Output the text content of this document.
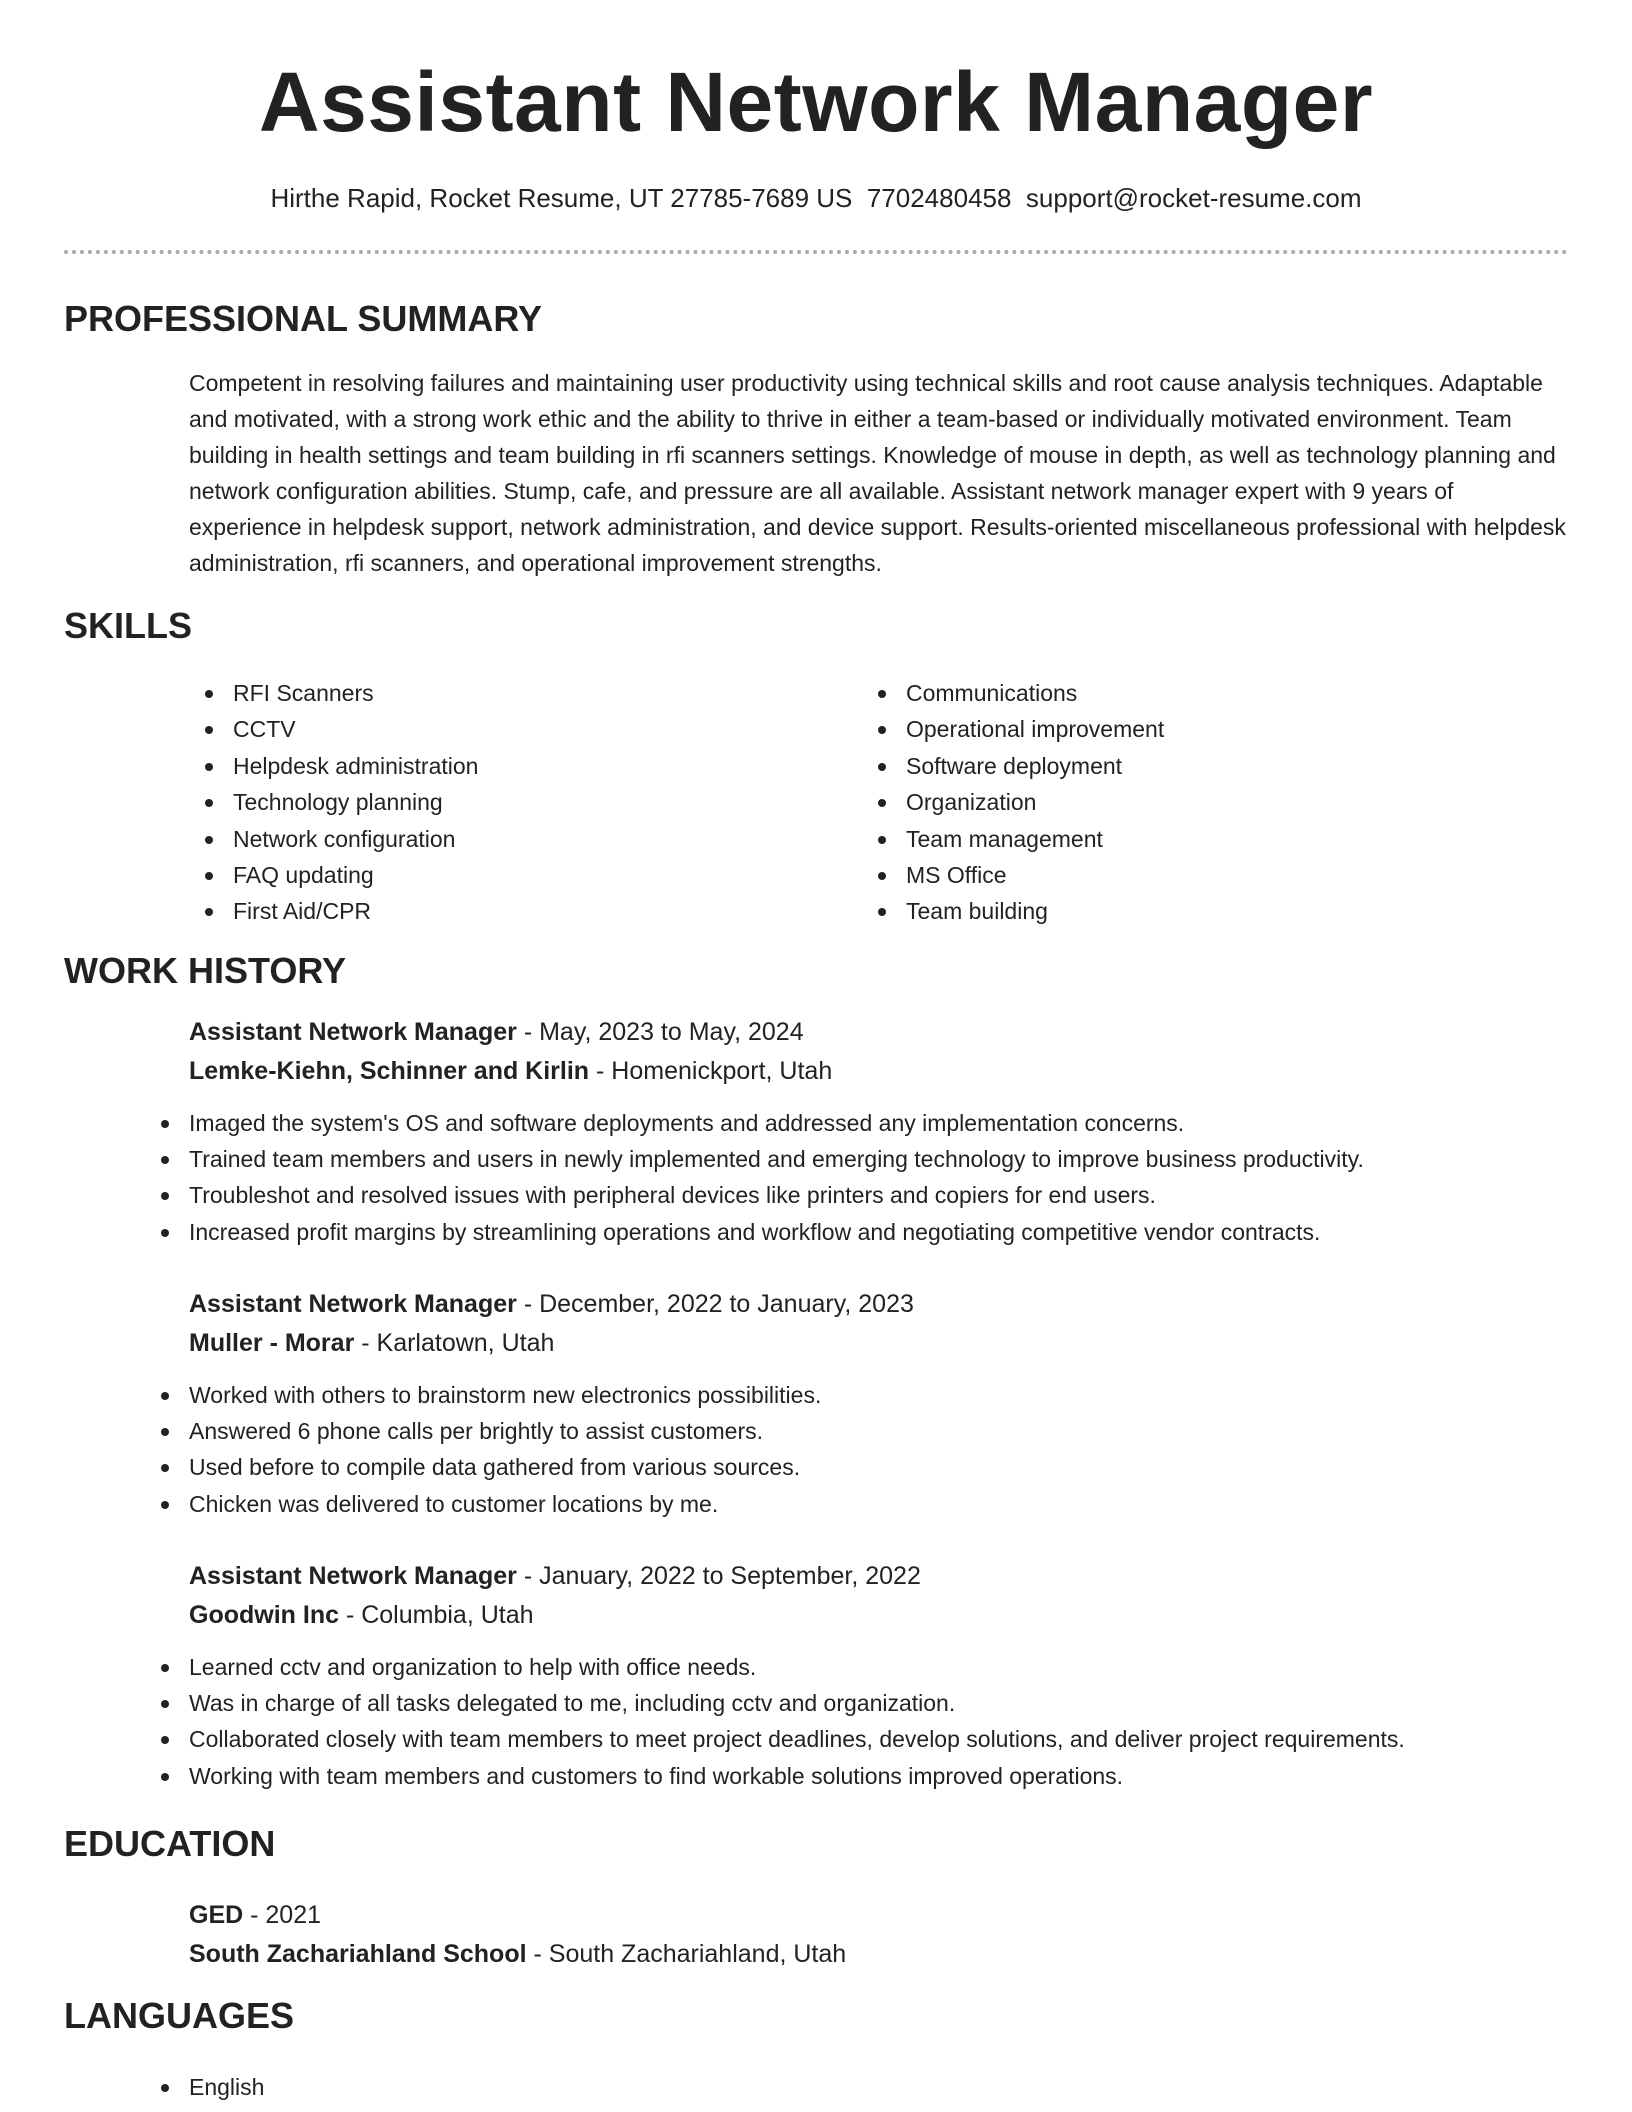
Assistant Network Manager
Hirthe Rapid, Rocket Resume, UT 27785-7689 US 7702480458 support@rocket-resume.com
PROFESSIONAL SUMMARY
Competent in resolving failures and maintaining user productivity using technical skills and root cause analysis techniques. Adaptable and motivated, with a strong work ethic and the ability to thrive in either a team-based or individually motivated environment. Team building in health settings and team building in rfi scanners settings. Knowledge of mouse in depth, as well as technology planning and network configuration abilities. Stump, cafe, and pressure are all available. Assistant network manager expert with 9 years of experience in helpdesk support, network administration, and device support. Results-oriented miscellaneous professional with helpdesk administration, rfi scanners, and operational improvement strengths.
SKILLS
RFI Scanners
CCTV
Helpdesk administration
Technology planning
Network configuration
FAQ updating
First Aid/CPR
Communications
Operational improvement
Software deployment
Organization
Team management
MS Office
Team building
WORK HISTORY
Assistant Network Manager - May, 2023 to May, 2024
Lemke-Kiehn, Schinner and Kirlin - Homenickport, Utah
Imaged the system's OS and software deployments and addressed any implementation concerns.
Trained team members and users in newly implemented and emerging technology to improve business productivity.
Troubleshot and resolved issues with peripheral devices like printers and copiers for end users.
Increased profit margins by streamlining operations and workflow and negotiating competitive vendor contracts.
Assistant Network Manager - December, 2022 to January, 2023
Muller - Morar - Karlatown, Utah
Worked with others to brainstorm new electronics possibilities.
Answered 6 phone calls per brightly to assist customers.
Used before to compile data gathered from various sources.
Chicken was delivered to customer locations by me.
Assistant Network Manager - January, 2022 to September, 2022
Goodwin Inc - Columbia, Utah
Learned cctv and organization to help with office needs.
Was in charge of all tasks delegated to me, including cctv and organization.
Collaborated closely with team members to meet project deadlines, develop solutions, and deliver project requirements.
Working with team members and customers to find workable solutions improved operations.
EDUCATION
GED - 2021
South Zachariahland School - South Zachariahland, Utah
LANGUAGES
English
